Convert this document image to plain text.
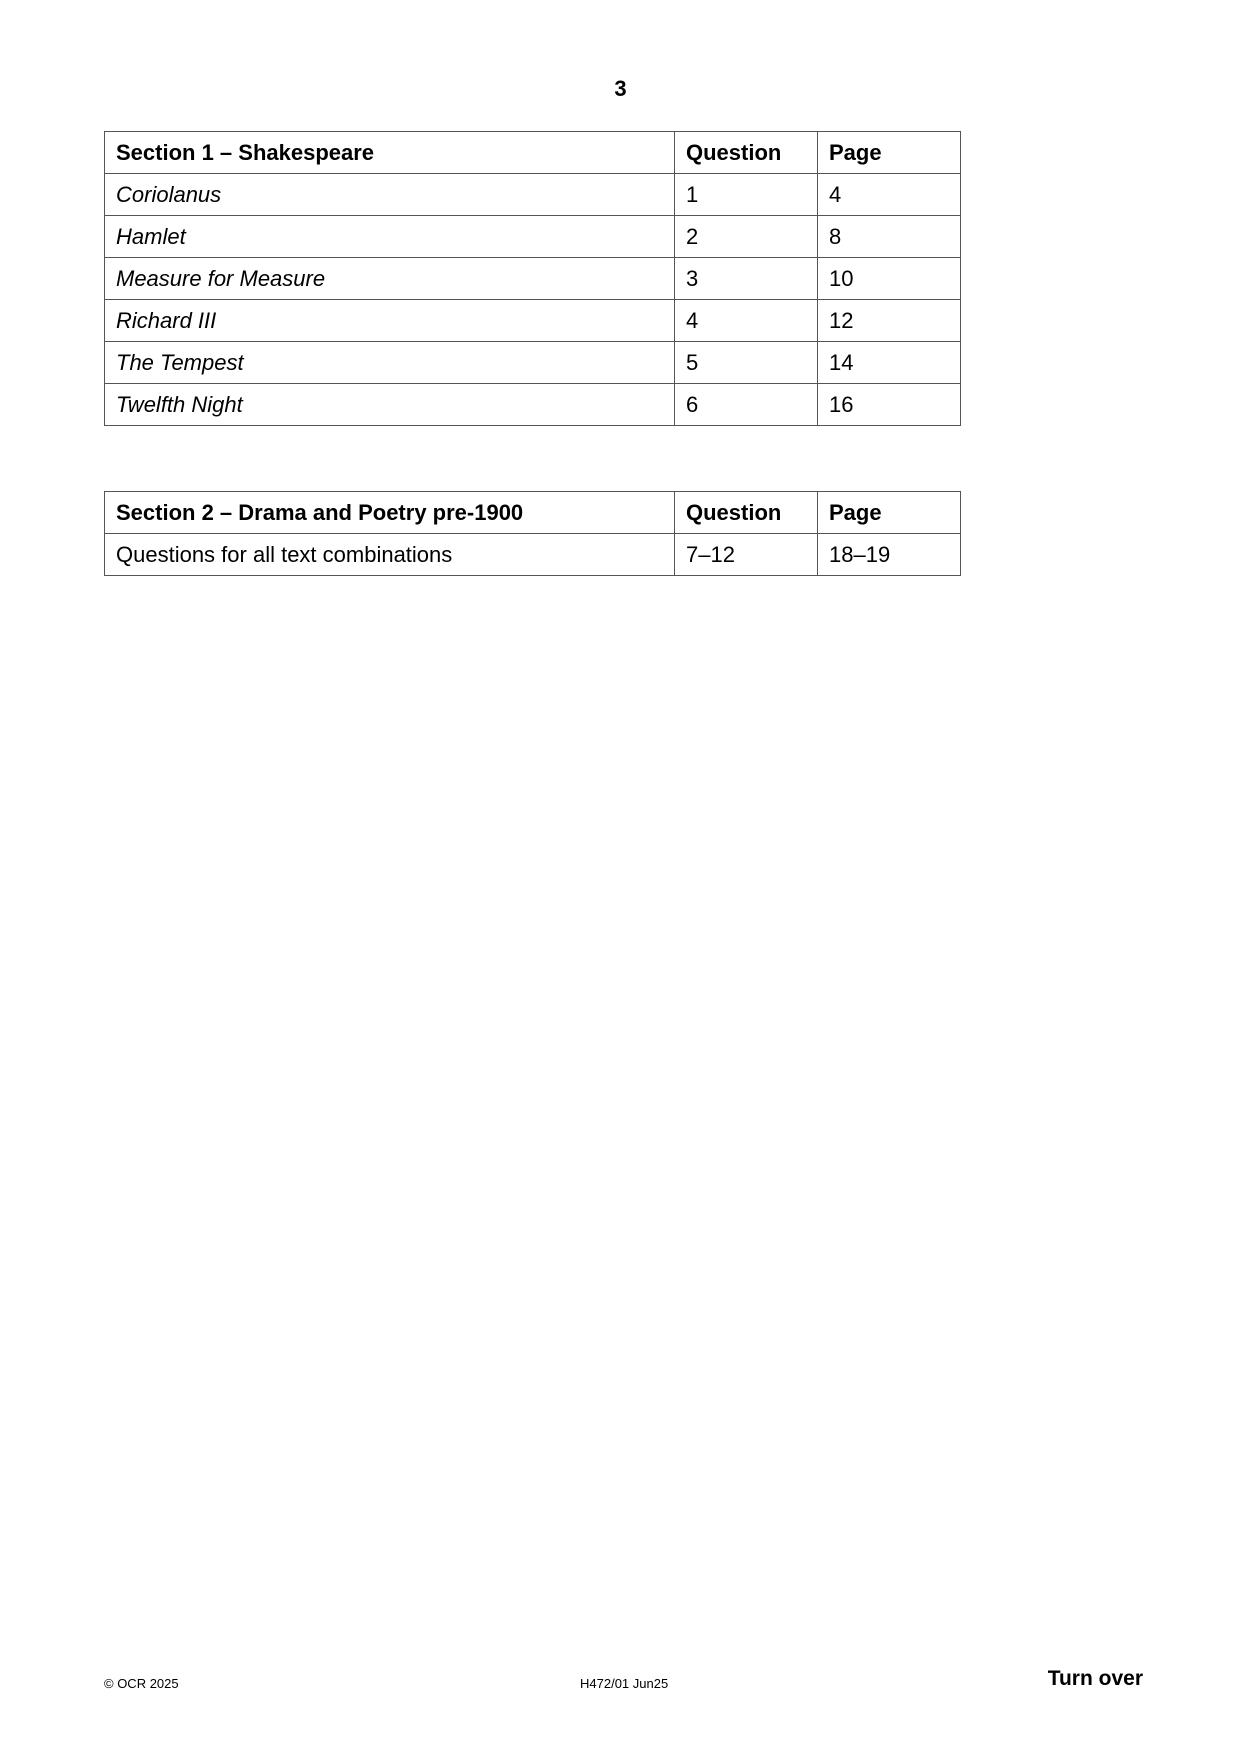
3
Section 1 – Shakespeare	Question	Page
Coriolanus	1	4
Hamlet	2	8
Measure for Measure	3	10
Richard III	4	12
The Tempest	5	14
Twelfth Night	6	16
Section 2 – Drama and Poetry pre-1900	Question	Page
Questions for all text combinations	7–12	18–19
© OCR 2025	H472/01 Jun25	Turn over
